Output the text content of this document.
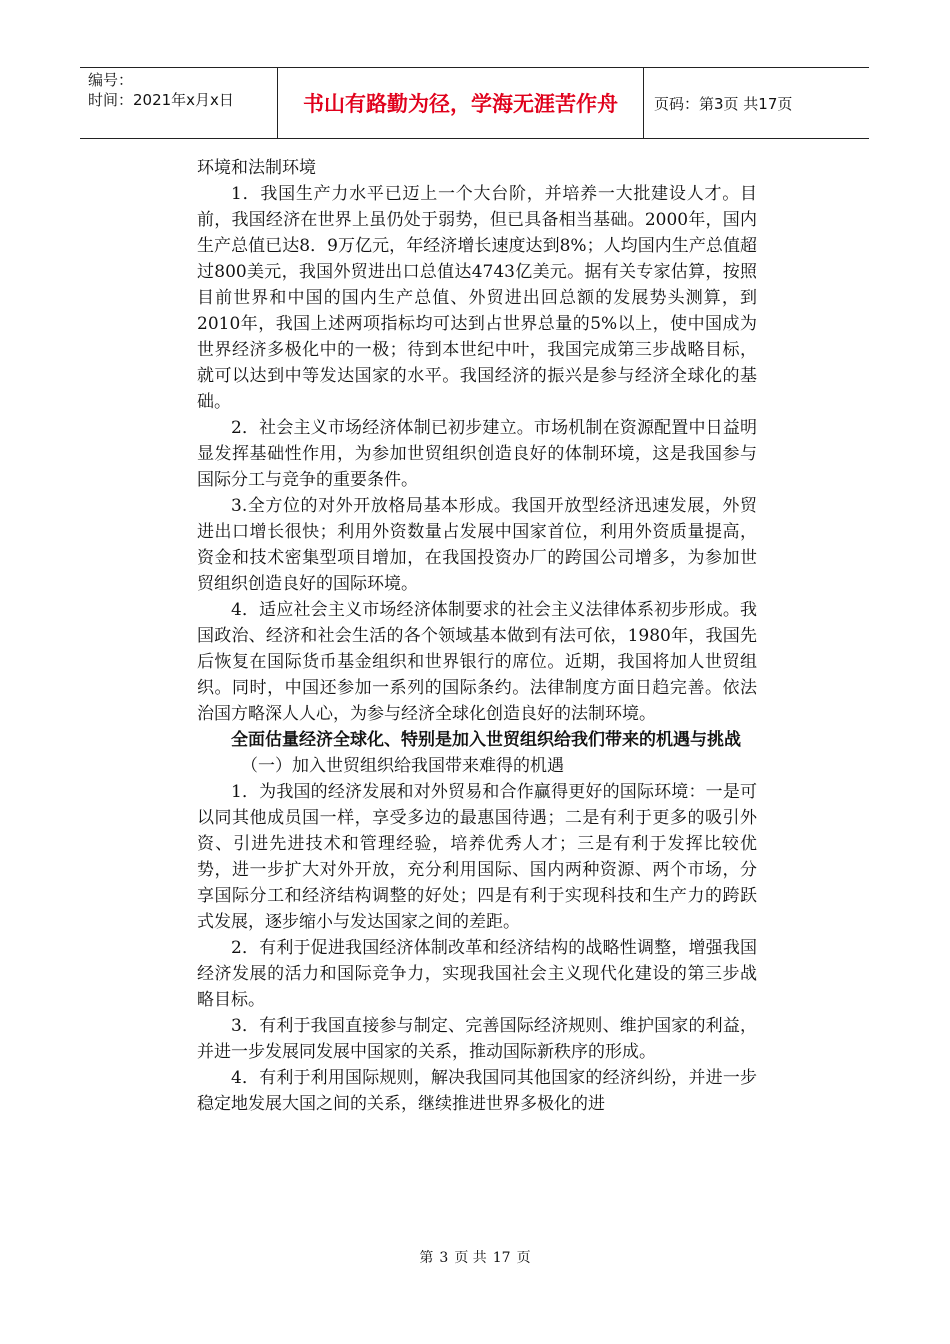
编号：
时间：2021年x月x日	书山有路勤为径，学海无涯苦作舟	页码：第3页 共17页

环境和法制环境

1．我国生产力水平已迈上一个大台阶，并培养一大批建设人才。目前，我国经济在世界上虽仍处于弱势，但已具备相当基础。2000年，国内生产总值已达8．9万亿元，年经济增长速度达到8%；人均国内生产总值超过800美元，我国外贸进出口总值达4743亿美元。据有关专家估算，按照目前世界和中国的国内生产总值、外贸进出回总额的发展势头测算，到 2010年，我国上述两项指标均可达到占世界总量的5%以上，使中国成为世界经济多极化中的一极；待到本世纪中叶，我国完成第三步战略目标，就可以达到中等发达国家的水平。我国经济的振兴是参与经济全球化的基础。

2．社会主义市场经济体制已初步建立。市场机制在资源配置中日益明显发挥基础性作用，为参加世贸组织创造良好的体制环境，这是我国参与国际分工与竞争的重要条件。

3.全方位的对外开放格局基本形成。我国开放型经济迅速发展，外贸进出口增长很快；利用外资数量占发展中国家首位，利用外资质量提高，资金和技术密集型项目增加，在我国投资办厂的跨国公司增多，为参加世贸组织创造良好的国际环境。

4．适应社会主义市场经济体制要求的社会主义法律体系初步形成。我国政治、经济和社会生活的各个领域基本做到有法可依，1980年，我国先后恢复在国际货币基金组织和世界银行的席位。近期，我国将加人世贸组织。同时，中国还参加一系列的国际条约。法律制度方面日趋完善。依法治国方略深人人心，为参与经济全球化创造良好的法制环境。

全面估量经济全球化、特别是加入世贸组织给我们带来的机遇与挑战

（一）加入世贸组织给我国带来难得的机遇

1．为我国的经济发展和对外贸易和合作赢得更好的国际环境：一是可以同其他成员国一样，享受多边的最惠国待遇；二是有利于更多的吸引外资、引进先进技术和管理经验，培养优秀人才；三是有利于发挥比较优势，进一步扩大对外开放，充分利用国际、国内两种资源、两个市场，分享国际分工和经济结构调整的好处；四是有利于实现科技和生产力的跨跃式发展，逐步缩小与发达国家之间的差距。

2．有利于促进我国经济体制改革和经济结构的战略性调整，增强我国经济发展的活力和国际竞争力，实现我国社会主义现代化建设的第三步战略目标。

3．有利于我国直接参与制定、完善国际经济规则、维护国家的利益，并进一步发展同发展中国家的关系，推动国际新秩序的形成。

4．有利于利用国际规则，解决我国同其他国家的经济纠纷，并进一步稳定地发展大国之间的关系，继续推进世界多极化的进

第 3 页 共 17 页
